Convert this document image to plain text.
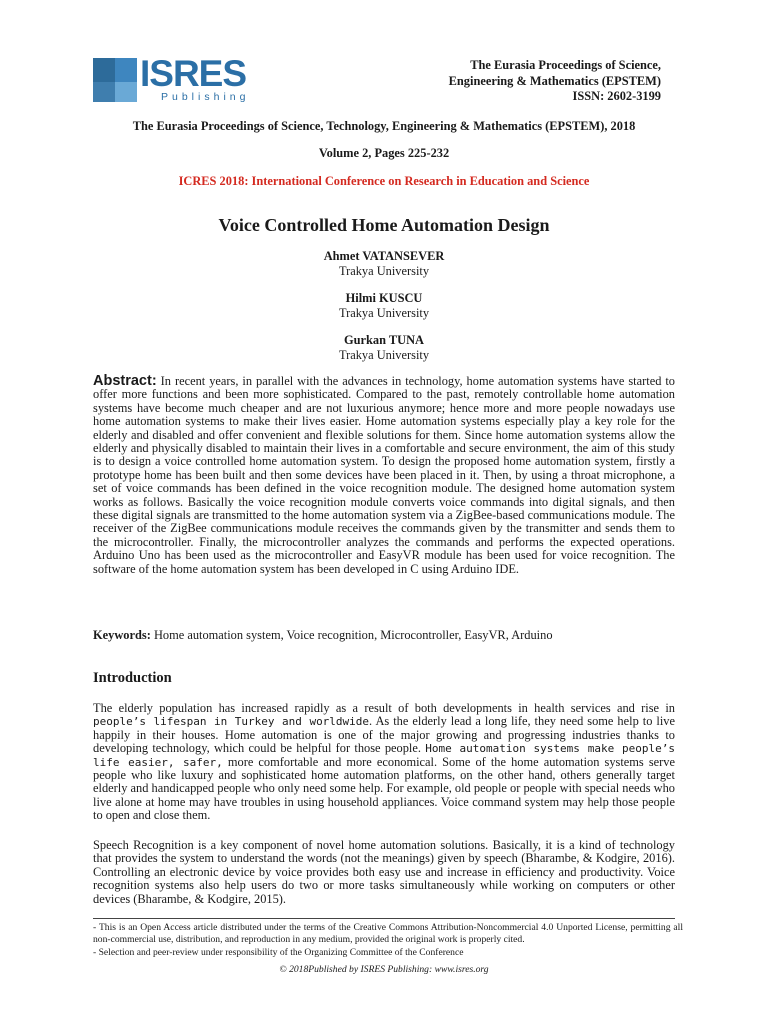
ISRES
Publishing
The Eurasia Proceedings of Science,
Engineering & Mathematics (EPSTEM)
ISSN: 2602-3199
The Eurasia Proceedings of Science, Technology, Engineering & Mathematics (EPSTEM), 2018
Volume 2, Pages 225-232
ICRES 2018: International Conference on Research in Education and Science
Voice Controlled Home Automation Design
Ahmet VATANSEVER
Trakya University
Hilmi KUSCU
Trakya University
Gurkan TUNA
Trakya University
Abstract: In recent years, in parallel with the advances in technology, home automation systems have started to offer more functions and been more sophisticated. Compared to the past, remotely controllable home automation systems have become much cheaper and are not luxurious anymore; hence more and more people nowadays use home automation systems to make their lives easier. Home automation systems especially play a key role for the elderly and disabled and offer convenient and flexible solutions for them. Since home automation systems allow the elderly and physically disabled to maintain their lives in a comfortable and secure environment, the aim of this study is to design a voice controlled home automation system. To design the proposed home automation system, firstly a prototype home has been built and then some devices have been placed in it. Then, by using a throat microphone, a set of voice commands has been defined in the voice recognition module. The designed home automation system works as follows. Basically the voice recognition module converts voice commands into digital signals, and then these digital signals are transmitted to the home automation system via a ZigBee-based communications module. The receiver of the ZigBee communications module receives the commands given by the transmitter and sends them to the microcontroller. Finally, the microcontroller analyzes the commands and performs the expected operations. Arduino Uno has been used as the microcontroller and EasyVR module has been used for voice recognition. The software of the home automation system has been developed in C using Arduino IDE.
Keywords: Home automation system, Voice recognition, Microcontroller, EasyVR, Arduino
Introduction
The elderly population has increased rapidly as a result of both developments in health services and rise in people’s lifespan in Turkey and worldwide. As the elderly lead a long life, they need some help to live happily in their houses. Home automation is one of the major growing and progressing industries thanks to developing technology, which could be helpful for those people. Home automation systems make people’s life easier, safer, more comfortable and more economical. Some of the home automation systems serve people who like luxury and sophisticated home automation platforms, on the other hand, others generally target elderly and handicapped people who only need some help. For example, old people or people with special needs who live alone at home may have troubles in using household appliances. Voice command system may help those people to open and close them.
Speech Recognition is a key component of novel home automation solutions. Basically, it is a kind of technology that provides the system to understand the words (not the meanings) given by speech (Bharambe, & Kodgire, 2016). Controlling an electronic device by voice provides both easy use and increase in efficiency and productivity. Voice recognition systems also help users do two or more tasks simultaneously while working on computers or other devices (Bharambe, & Kodgire, 2015).
- This is an Open Access article distributed under the terms of the Creative Commons Attribution-Noncommercial 4.0 Unported License, permitting all non-commercial use, distribution, and reproduction in any medium, provided the original work is properly cited.
- Selection and peer-review under responsibility of the Organizing Committee of the Conference
© 2018Published by ISRES Publishing: www.isres.org
